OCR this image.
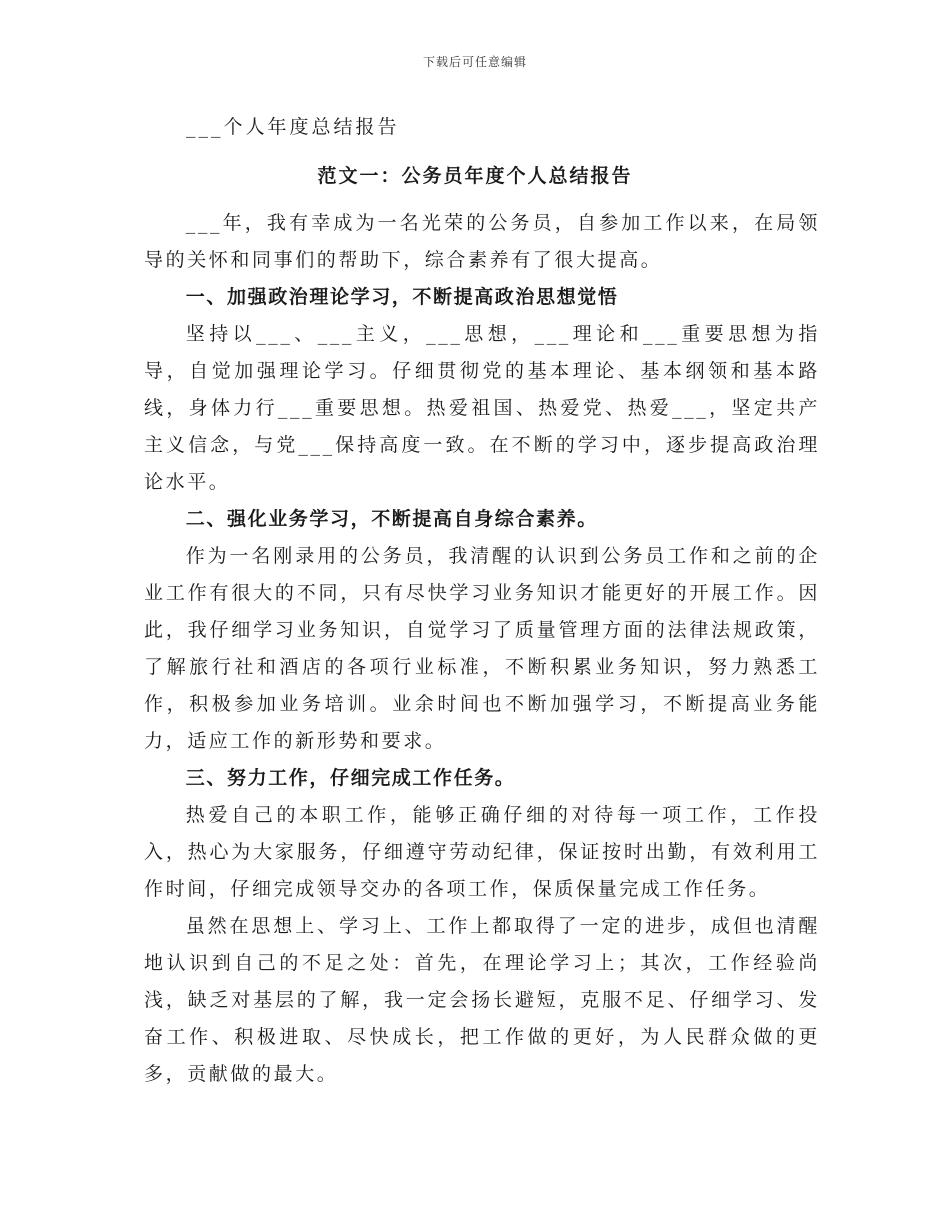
下载后可任意编辑
___个人年度总结报告
范文一：公务员年度个人总结报告

___年，我有幸成为一名光荣的公务员，自参加工作以来，在局领导的关怀和同事们的帮助下，综合素养有了很大提高。

一、加强政治理论学习，不断提高政治思想觉悟

坚持以___、___主义，___思想，___理论和___重要思想为指导，自觉加强理论学习。仔细贯彻党的基本理论、基本纲领和基本路线，身体力行___重要思想。热爱祖国、热爱党、热爱___，坚定共产主义信念，与党___保持高度一致。在不断的学习中，逐步提高政治理论水平。

二、强化业务学习，不断提高自身综合素养。

作为一名刚录用的公务员，我清醒的认识到公务员工作和之前的企业工作有很大的不同，只有尽快学习业务知识才能更好的开展工作。因此，我仔细学习业务知识，自觉学习了质量管理方面的法律法规政策，了解旅行社和酒店的各项行业标准，不断积累业务知识，努力熟悉工作，积极参加业务培训。业余时间也不断加强学习，不断提高业务能力，适应工作的新形势和要求。

三、努力工作，仔细完成工作任务。

热爱自己的本职工作，能够正确仔细的对待每一项工作，工作投入，热心为大家服务，仔细遵守劳动纪律，保证按时出勤，有效利用工作时间，仔细完成领导交办的各项工作，保质保量完成工作任务。

虽然在思想上、学习上、工作上都取得了一定的进步，成但也清醒地认识到自己的不足之处：首先，在理论学习上；其次，工作经验尚浅，缺乏对基层的了解，我一定会扬长避短，克服不足、仔细学习、发奋工作、积极进取、尽快成长，把工作做的更好，为人民群众做的更多，贡献做的最大。
